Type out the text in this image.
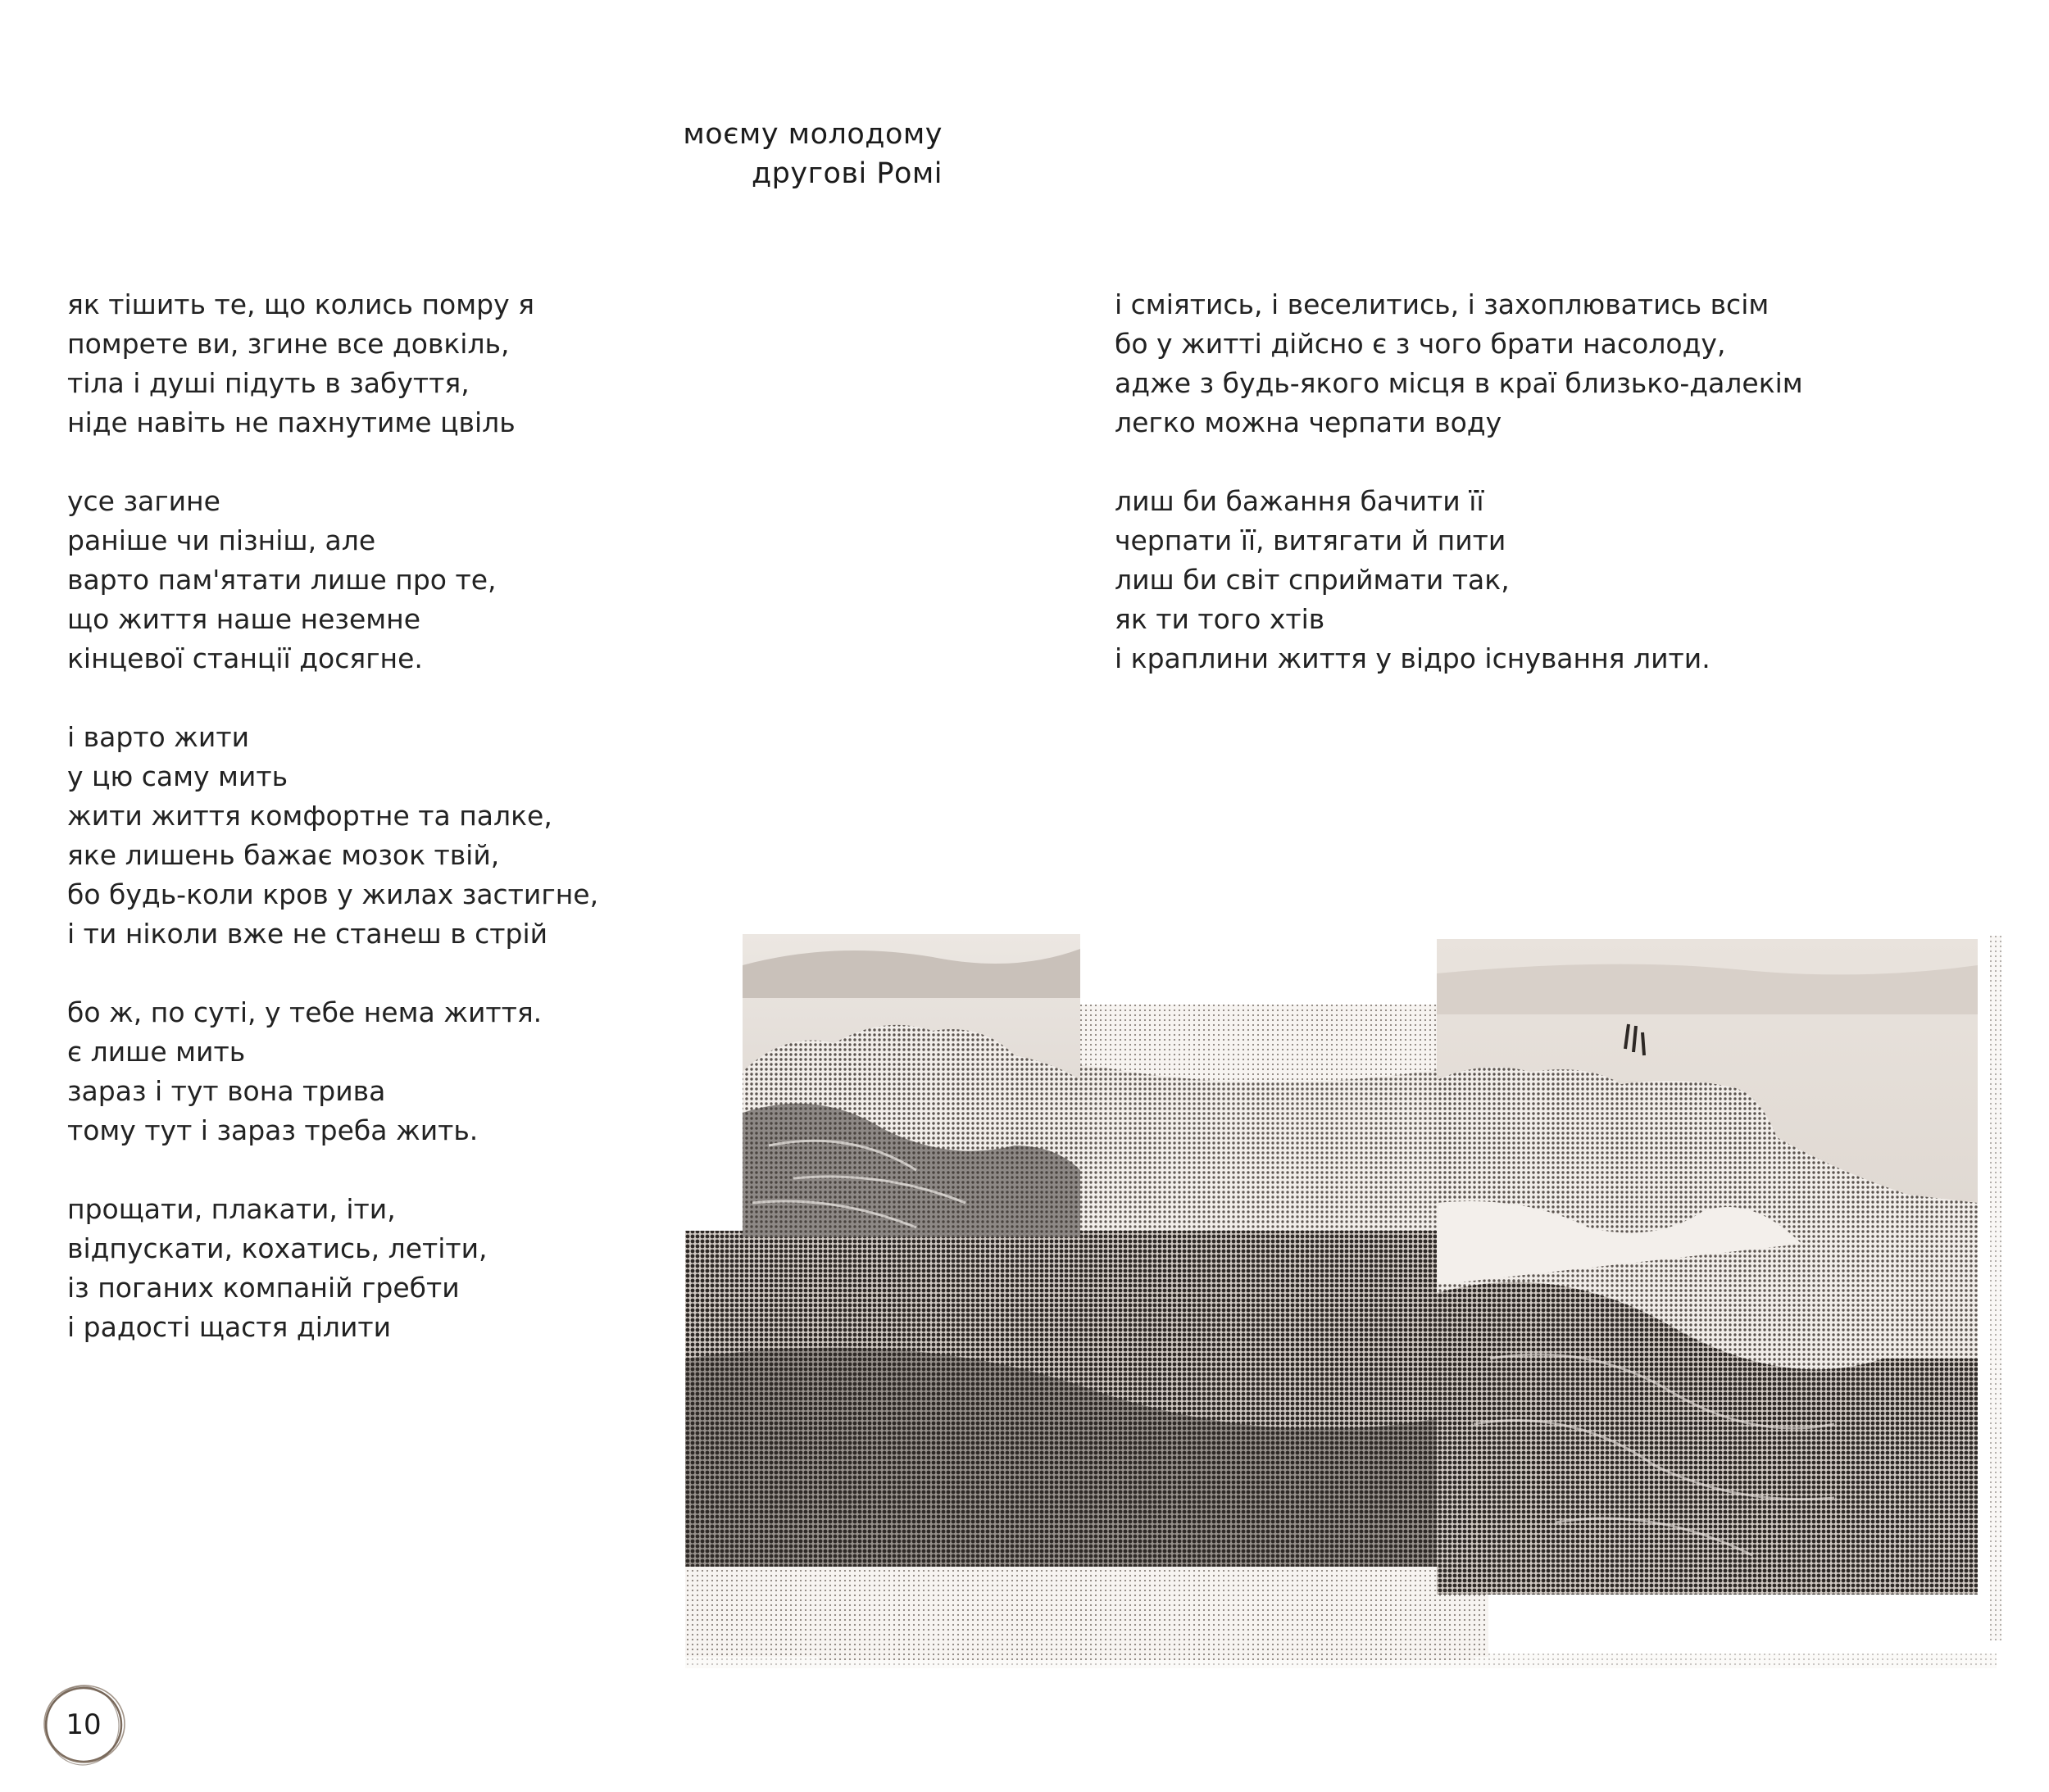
моєму молодому
другові Ромі
як тішить те, що колись помру я
помрете ви, згине все довкіль,
тіла і душі підуть в забуття,
ніде навіть не пахнутиме цвіль
усе загине
раніше чи пізніш, але
варто пам'ятати лише про те,
що життя наше неземне
кінцевої станції досягне.
і варто жити
у цю саму мить
жити життя комфортне та палке,
яке лишень бажає мозок твій,
бо будь-коли кров у жилах застигне,
і ти ніколи вже не станеш в стрій
бо ж, по суті, у тебе нема життя.
є лише мить
зараз і тут вона трива
тому тут і зараз треба жить.
прощати, плакати, іти,
відпускати, кохатись, летіти,
із поганих компаній гребти
і радості щастя ділити
і сміятись, і веселитись, і захоплюватись всім
бо у житті дійсно є з чого брати насолоду,
адже з будь-якого місця в краї близько-далекім
легко можна черпати воду
лиш би бажання бачити її
черпати її, витягати й пити
лиш би світ сприймати так,
як ти того хтів
і краплини життя у відро існування лити.
10
